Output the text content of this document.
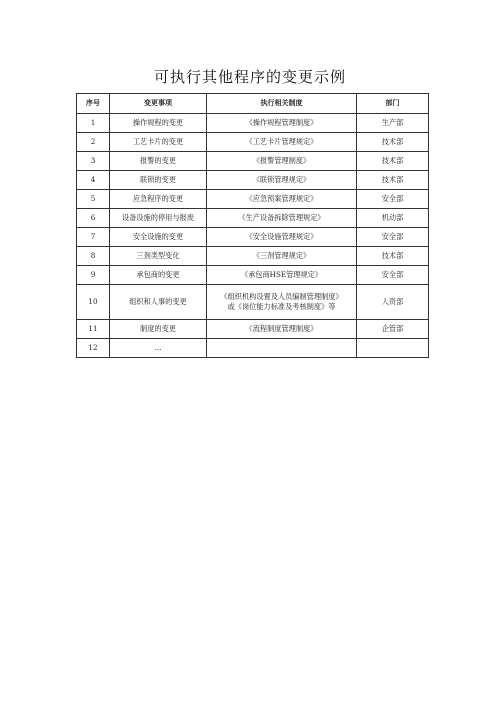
可执行其他程序的变更示例
序号	变更事项	执行相关制度	部门
1	操作规程的变更	《操作规程管理制度》	生产部
2	工艺卡片的变更	《工艺卡片管理规定》	技术部
3	报警的变更	《报警管理制度》	技术部
4	联锁的变更	《联锁管理规定》	技术部
5	应急程序的变更	《应急预案管理规定》	安全部
6	设备设施的停用与报废	《生产设备拆除管理规定》	机动部
7	安全设施的变更	《安全设施管理规定》	安全部
8	三剂类型变化	《三剂管理规定》	技术部
9	承包商的变更	《承包商HSE管理规定》	安全部
10	组织和人事的变更	《组织机构设置及人员编制管理制度》
或《岗位能力标准及考核制度》等	人资部
11	制度的变更	《流程制度管理制度》	企管部
12	...		
